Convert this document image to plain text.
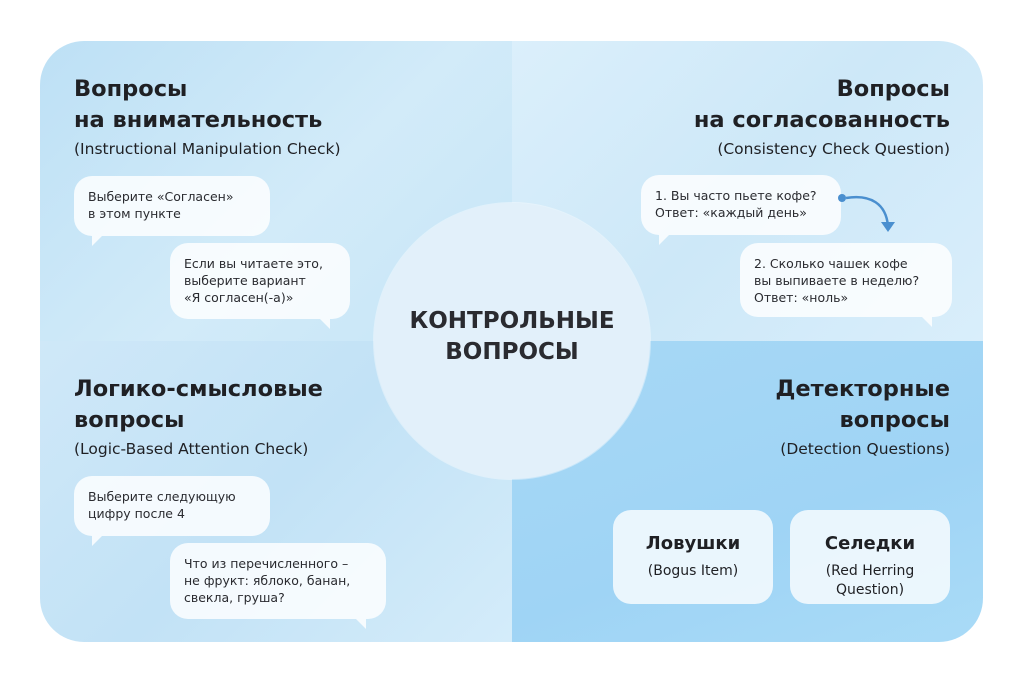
Вопросы
на внимательность
(Instructional Manipulation Check)

Выберите «Согласен»

в этом пункте

Если вы читаете это,

выберите вариант

«Я согласен(-а)»

Вопросы
на согласованность
(Consistency Check Question)

1. Вы часто пьете кофе?

Ответ: «каждый день»

2. Сколько чашек кофе

вы выпиваете в неделю?

Ответ: «ноль»

Логико-смысловые
вопросы
(Logic-Based Attention Check)

Выберите следующую

цифру после 4

Что из перечисленного –

не фрукт: яблоко, банан,

свекла, груша?

Детекторные
вопросы
(Detection Questions)
Ловушки
(Bogus Item)
Селедки
(Red Herring
Question)
КОНТРОЛЬНЫЕ
ВОПРОСЫ
